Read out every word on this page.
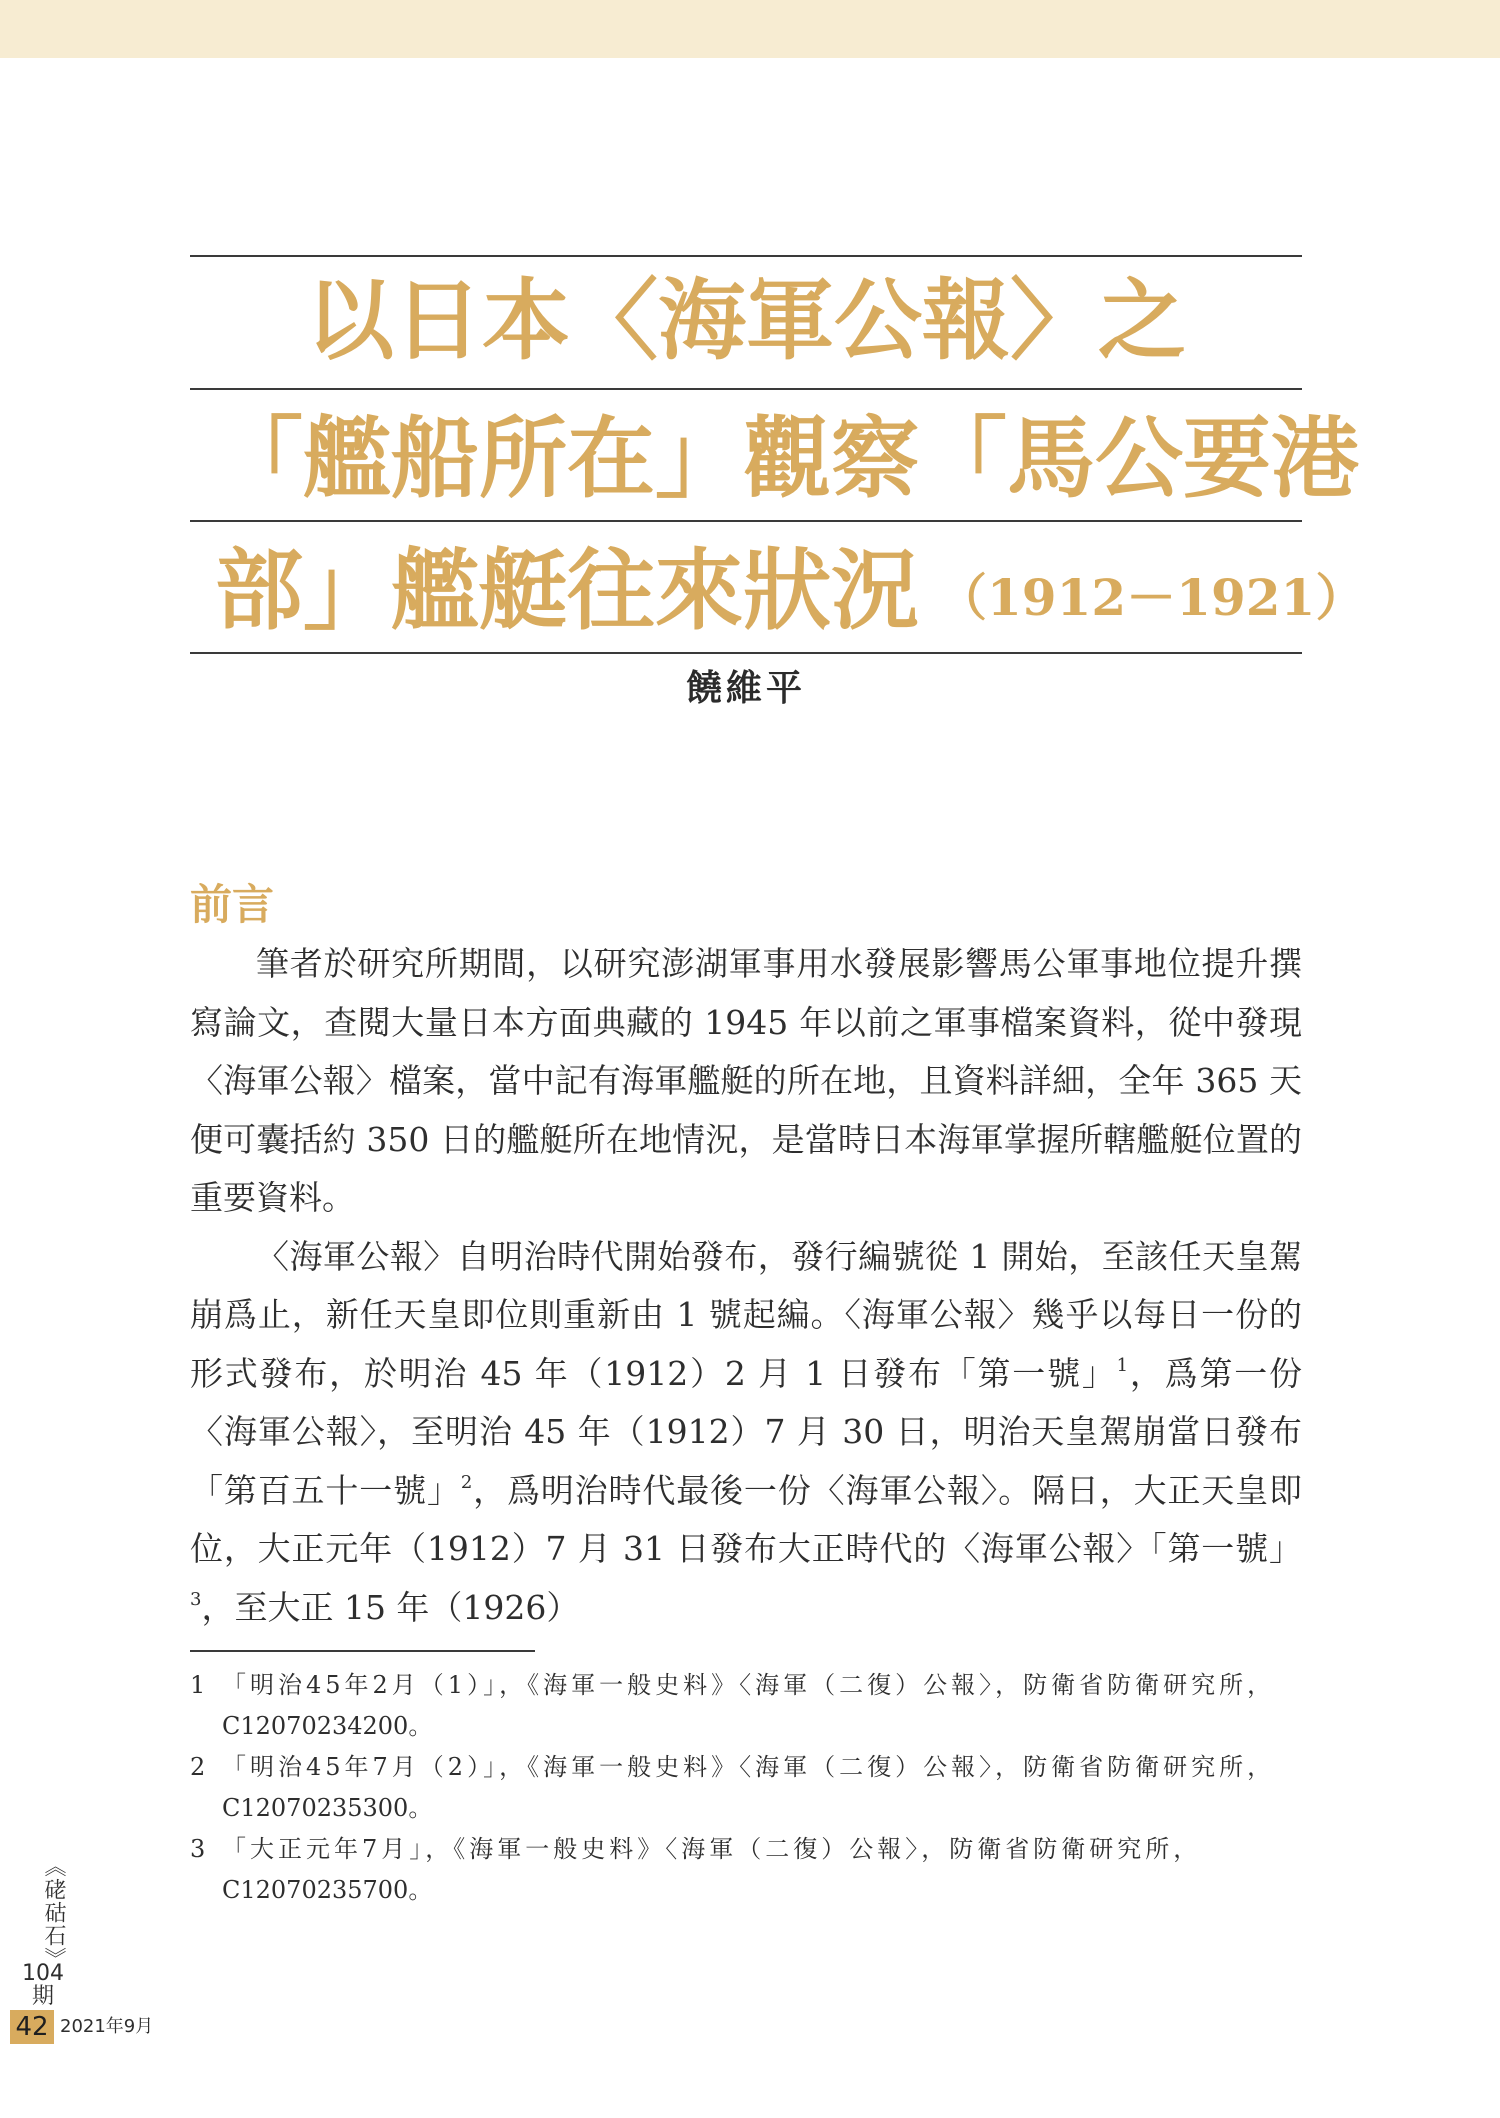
以日本〈海軍公報〉之
「艦船所在」觀察「馬公要港
部」艦艇往來狀況 （1912－1921）
饒維平
前言

筆者於研究所期間，以研究澎湖軍事用水發展影響馬公軍事地位提升撰寫論文，查閱大量日本方面典藏的 1945 年以前之軍事檔案資料，從中發現〈海軍公報〉檔案，當中記有海軍艦艇的所在地，且資料詳細，全年 365 天便可囊括約 350 日的艦艇所在地情況，是當時日本海軍掌握所轄艦艇位置的重要資料。

〈海軍公報〉自明治時代開始發布，發行編號從 1 開始，至該任天皇駕崩爲止，新任天皇即位則重新由 1 號起編。〈海軍公報〉幾乎以每日一份的形式發布，於明治 45 年（1912）2 月 1 日發布「第一號」$^1$，爲第一份〈海軍公報〉，至明治 45 年（1912）7 月 30 日，明治天皇駕崩當日發布「第百五十一號」$^2$，爲明治時代最後一份〈海軍公報〉。隔日，大正天皇即位，大正元年（1912）7 月 31 日發布大正時代的〈海軍公報〉「第一號」$^3$，至大正 15 年（1926）

1 「明治45年2月（1）」，《海軍一般史料》〈海軍（二復）公報〉，防衛省防衛研究所，
C12070234200。
2 「明治45年7月（2）」，《海軍一般史料》〈海軍（二復）公報〉，防衛省防衛研究所，
C12070235300。
3 「大正元年7月」，《海軍一般史料》〈海軍（二復）公報〉，防衛省防衛研究所，
C12070235700。
《硓𥑮石》
104
期
42 2021年9月
